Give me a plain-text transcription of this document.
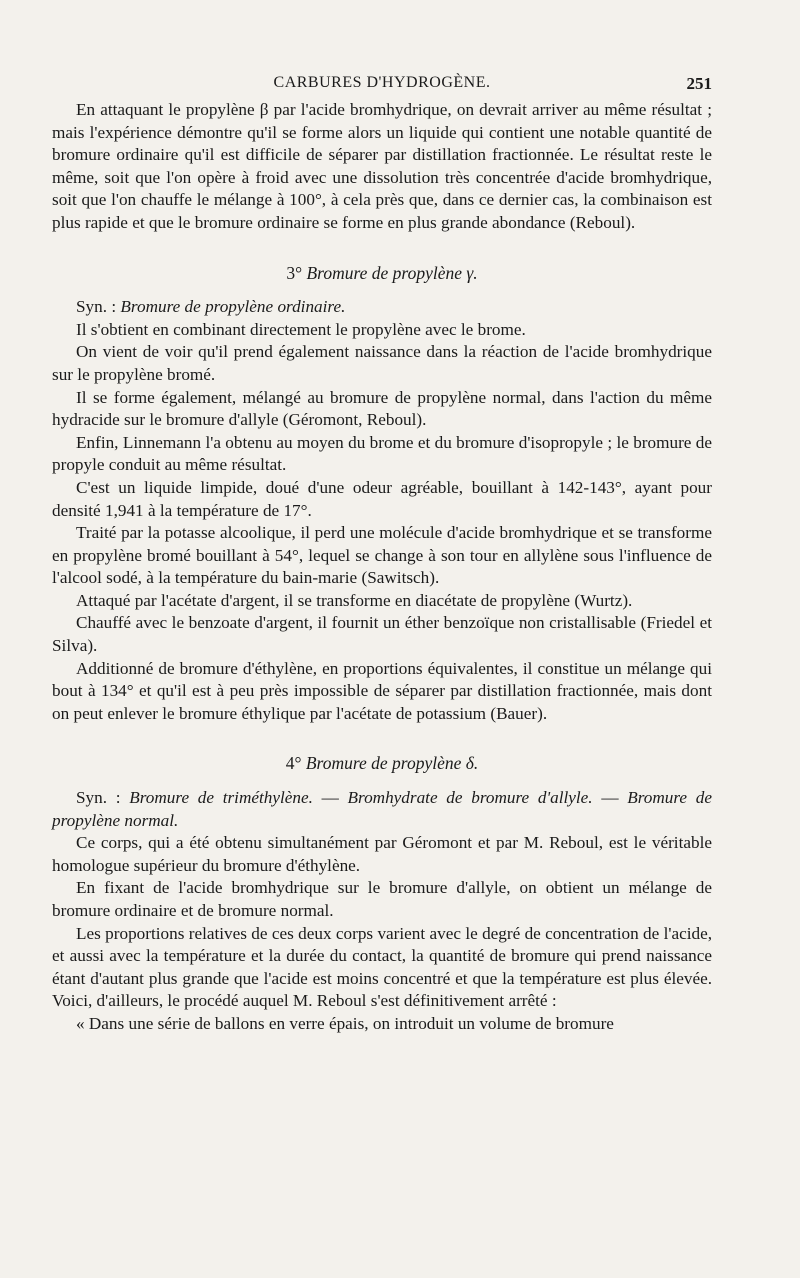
CARBURES D'HYDROGÈNE.	251

En attaquant le propylène β par l'acide bromhydrique, on devrait arriver au même résultat ; mais l'expérience démontre qu'il se forme alors un liquide qui contient une notable quantité de bromure ordinaire qu'il est difficile de séparer par distillation fractionnée. Le résultat reste le même, soit que l'on opère à froid avec une dissolution très concentrée d'acide bromhydrique, soit que l'on chauffe le mélange à 100°, à cela près que, dans ce dernier cas, la combinaison est plus rapide et que le bromure ordinaire se forme en plus grande abondance (Reboul).

3° Bromure de propylène γ.

Syn. : Bromure de propylène ordinaire.

Il s'obtient en combinant directement le propylène avec le brome.

On vient de voir qu'il prend également naissance dans la réaction de l'acide bromhydrique sur le propylène bromé.

Il se forme également, mélangé au bromure de propylène normal, dans l'action du même hydracide sur le bromure d'allyle (Géromont, Reboul).

Enfin, Linnemann l'a obtenu au moyen du brome et du bromure d'isopropyle ; le bromure de propyle conduit au même résultat.

C'est un liquide limpide, doué d'une odeur agréable, bouillant à 142-143°, ayant pour densité 1,941 à la température de 17°.

Traité par la potasse alcoolique, il perd une molécule d'acide bromhydrique et se transforme en propylène bromé bouillant à 54°, lequel se change à son tour en allylène sous l'influence de l'alcool sodé, à la température du bain-marie (Sawitsch).

Attaqué par l'acétate d'argent, il se transforme en diacétate de propylène (Wurtz).

Chauffé avec le benzoate d'argent, il fournit un éther benzoïque non cristallisable (Friedel et Silva).

Additionné de bromure d'éthylène, en proportions équivalentes, il constitue un mélange qui bout à 134° et qu'il est à peu près impossible de séparer par distillation fractionnée, mais dont on peut enlever le bromure éthylique par l'acétate de potassium (Bauer).

4° Bromure de propylène δ.

Syn. : Bromure de triméthylène. — Bromhydrate de bromure d'allyle. — Bromure de propylène normal.

Ce corps, qui a été obtenu simultanément par Géromont et par M. Reboul, est le véritable homologue supérieur du bromure d'éthylène.

En fixant de l'acide bromhydrique sur le bromure d'allyle, on obtient un mélange de bromure ordinaire et de bromure normal.

Les proportions relatives de ces deux corps varient avec le degré de concentration de l'acide, et aussi avec la température et la durée du contact, la quantité de bromure qui prend naissance étant d'autant plus grande que l'acide est moins concentré et que la température est plus élevée. Voici, d'ailleurs, le procédé auquel M. Reboul s'est définitivement arrêté :

« Dans une série de ballons en verre épais, on introduit un volume de bromure
